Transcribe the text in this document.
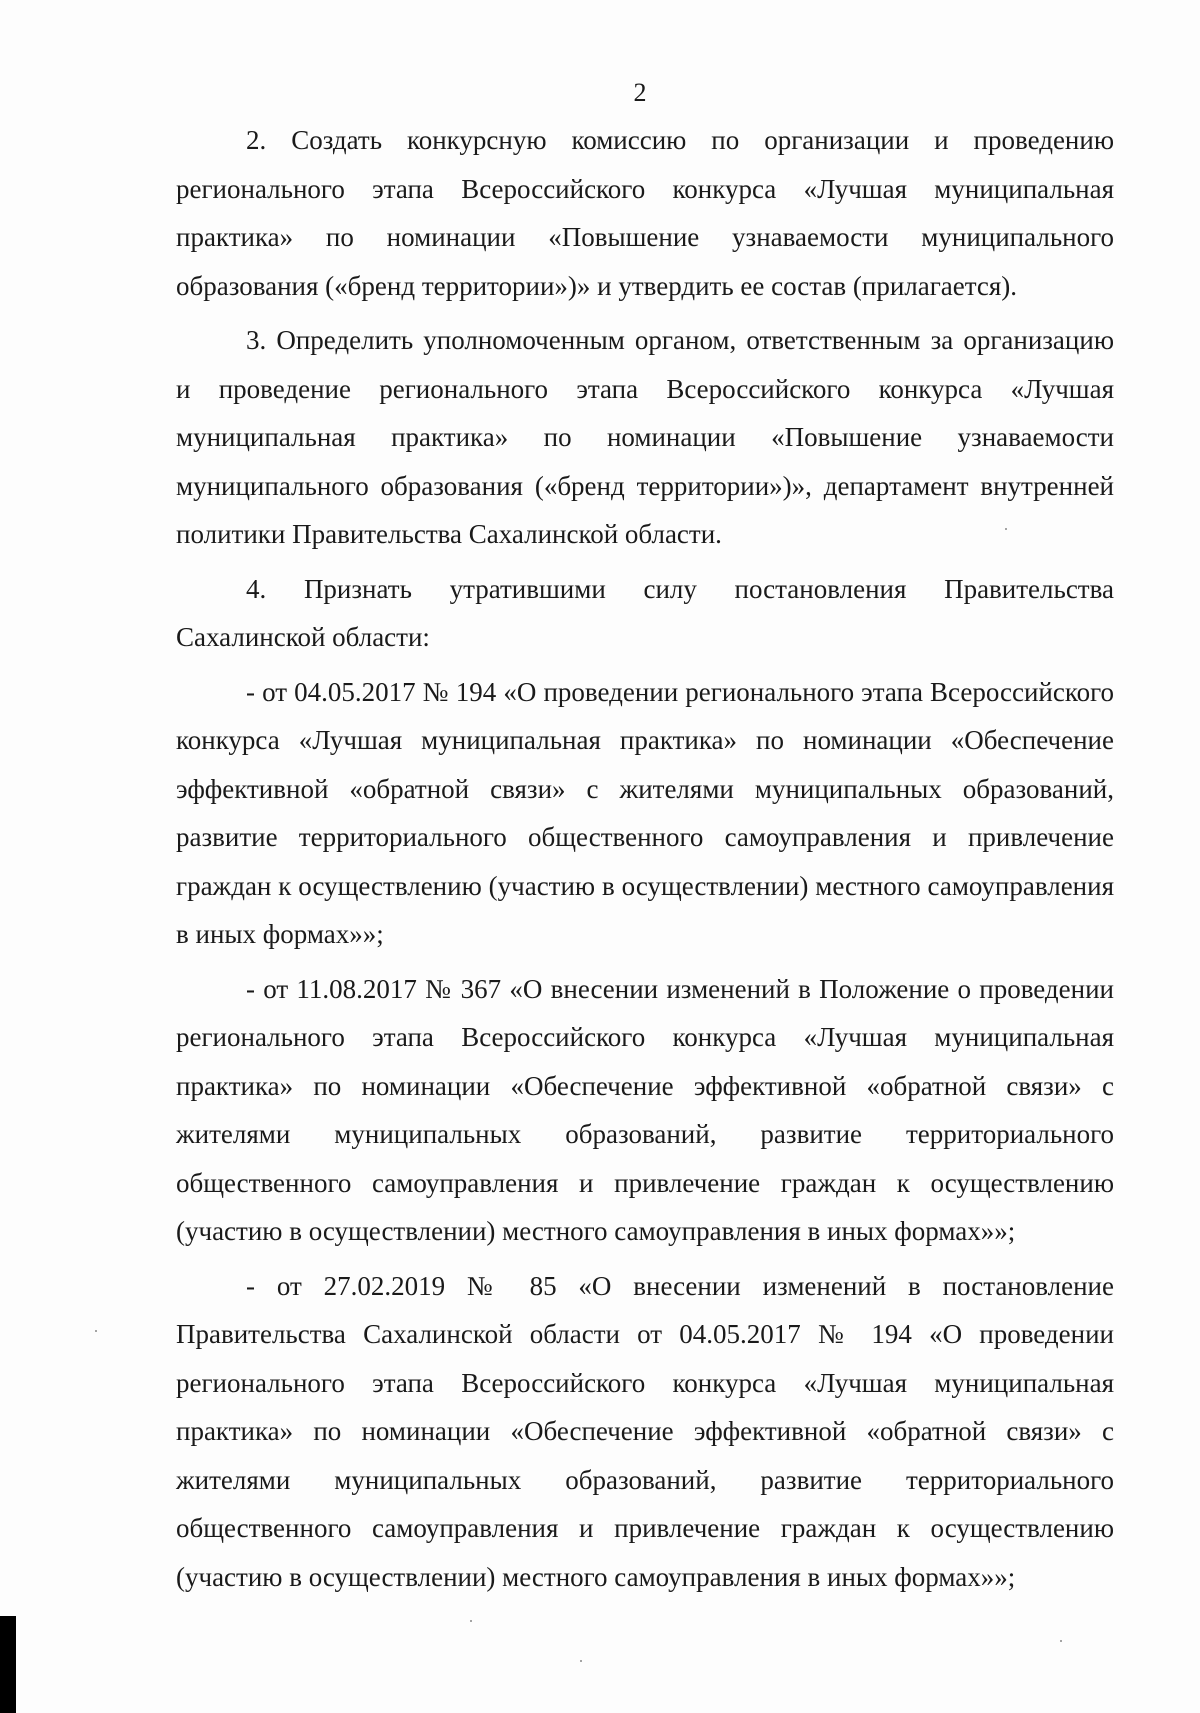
2

2. Создать конкурсную комиссию по организации и проведению регионального этапа Всероссийского конкурса «Лучшая муниципальная практика» по номинации «Повышение узнаваемости муниципального образования («бренд территории»)» и утвердить ее состав (прилагается).

3. Определить уполномоченным органом, ответственным за организацию и проведение регионального этапа Всероссийского конкурса «Лучшая муниципальная практика» по номинации «Повышение узнаваемости муниципального образования («бренд территории»)», департамент внутренней политики Правительства Сахалинской области.

4. Признать утратившими силу постановления Правительства Сахалинской области:

- от 04.05.2017 № 194 «О проведении регионального этапа Всероссийского конкурса «Лучшая муниципальная практика» по номинации «Обеспечение эффективной «обратной связи» с жителями муниципальных образований, развитие территориального общественного самоуправления и привлечение граждан к осуществлению (участию в осуществлении) местного самоуправления в иных формах»»;

- от 11.08.2017 № 367 «О внесении изменений в Положение о проведении регионального этапа Всероссийского конкурса «Лучшая муниципальная практика» по номинации «Обеспечение эффективной «обратной связи» с жителями муниципальных образований, развитие территориального общественного самоуправления и привлечение граждан к осуществлению (участию в осуществлении) местного самоуправления в иных формах»»;

- от 27.02.2019 № 85 «О внесении изменений в постановление Правительства Сахалинской области от 04.05.2017 № 194 «О проведении регионального этапа Всероссийского конкурса «Лучшая муниципальная практика» по номинации «Обеспечение эффективной «обратной связи» с жителями муниципальных образований, развитие территориального общественного самоуправления и привлечение граждан к осуществлению (участию в осуществлении) местного самоуправления в иных формах»»;
